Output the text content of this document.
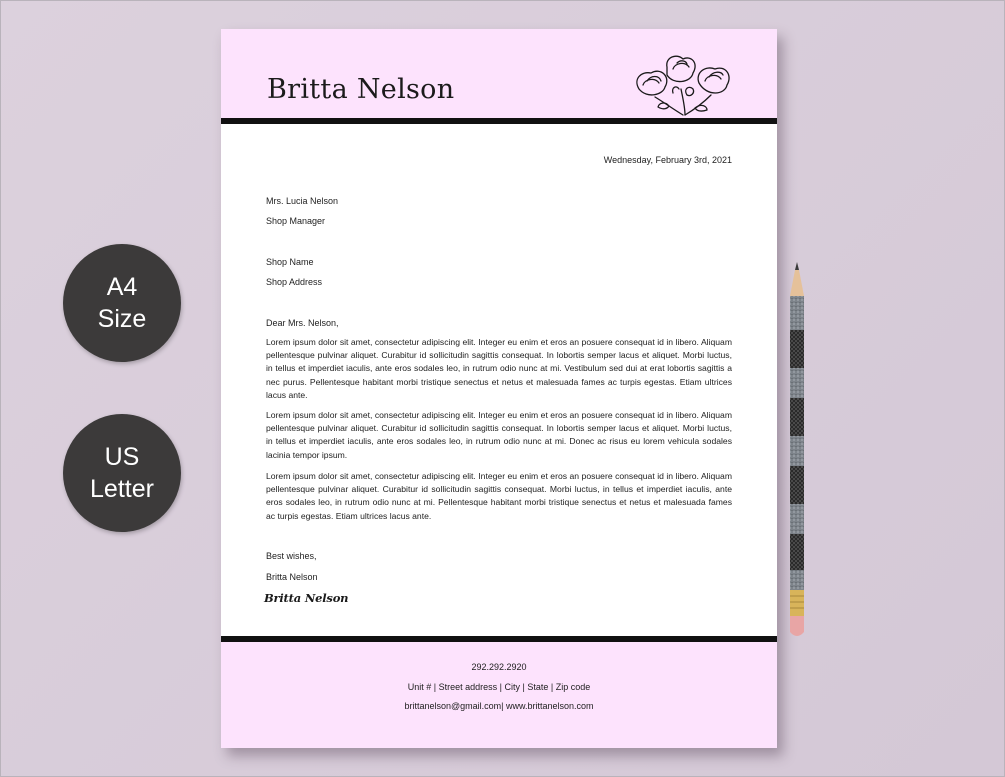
A4
Size
US
Letter
Britta Nelson
Wednesday, February 3rd, 2021
Mrs. Lucia Nelson
Shop Manager
Shop Name
Shop Address
Dear Mrs. Nelson,
Lorem ipsum dolor sit amet, consectetur adipiscing elit. Integer eu enim et eros an posuere consequat id in libero. Aliquam pellentesque pulvinar aliquet. Curabitur id sollicitudin sagittis consequat. In lobortis semper lacus et aliquet. Morbi luctus, in tellus et imperdiet iaculis, ante eros sodales leo, in rutrum odio nunc at mi. Vestibulum sed dui at erat lobortis sagittis a nec purus. Pellentesque habitant morbi tristique senectus et netus et malesuada fames ac turpis egestas. Etiam ultrices lacus ante.
Lorem ipsum dolor sit amet, consectetur adipiscing elit. Integer eu enim et eros an posuere consequat id in libero. Aliquam pellentesque pulvinar aliquet. Curabitur id sollicitudin sagittis consequat. In lobortis semper lacus et aliquet. Morbi luctus, in tellus et imperdiet iaculis, ante eros sodales leo, in rutrum odio nunc at mi. Donec ac risus eu lorem vehicula sodales lacinia tempor ipsum.
Lorem ipsum dolor sit amet, consectetur adipiscing elit. Integer eu enim et eros an posuere consequat id in libero. Aliquam pellentesque pulvinar aliquet. Curabitur id sollicitudin sagittis consequat. Morbi luctus, in tellus et imperdiet iaculis, ante eros sodales leo, in rutrum odio nunc at mi. Pellentesque habitant morbi tristique senectus et netus et malesuada fames ac turpis egestas. Etiam ultrices lacus ante.
Best wishes,
Britta Nelson
Britta Nelson
292.292.2920
Unit # | Street address | City | State | Zip code
brittanelson@gmail.com| www.brittanelson.com
